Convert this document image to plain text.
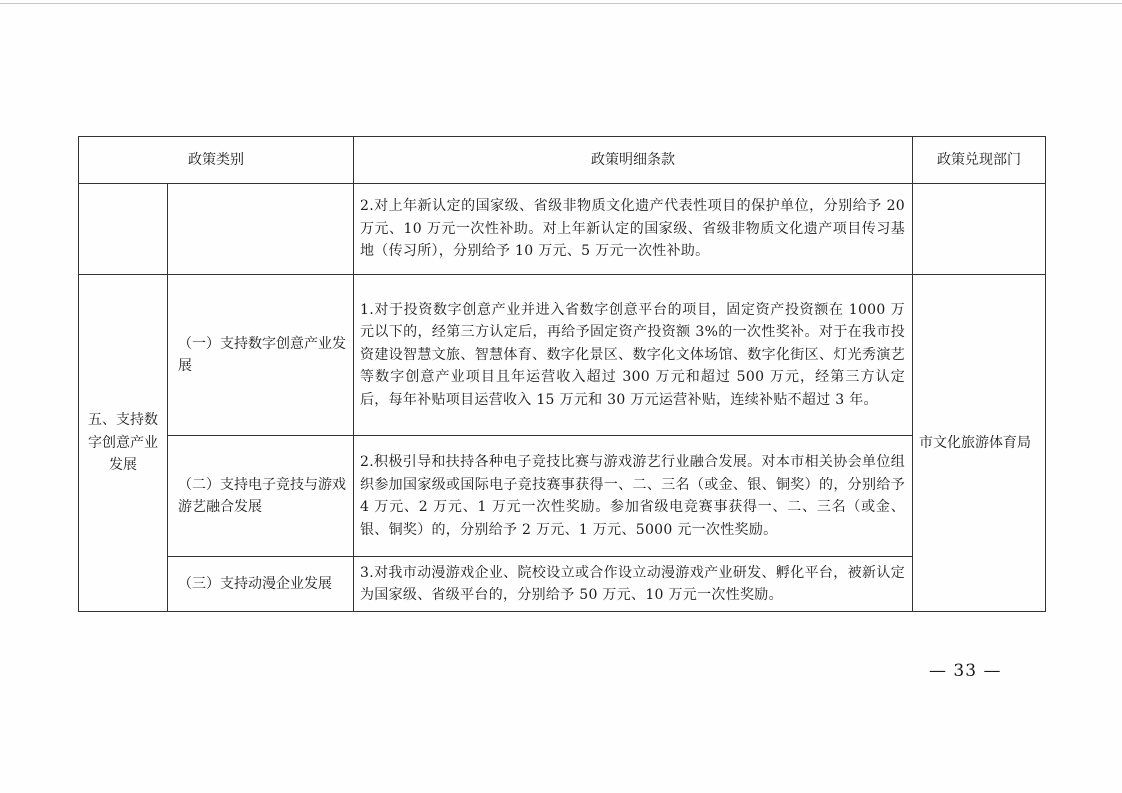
政策类别		政策明细条款	政策兑现部门
		2.对上年新认定的国家级、省级非物质文化遗产代表性项目的保护单位，分别给予 20 万元、10 万元一次性补助。对上年新认定的国家级、省级非物质文化遗产项目传习基地（传习所），分别给予 10 万元、5 万元一次性补助。	
五、支持数字创意产业发展	（一）支持数字创意产业发展	1.对于投资数字创意产业并进入省数字创意平台的项目，固定资产投资额在 1000 万元以下的，经第三方认定后，再给予固定资产投资额 3%的一次性奖补。对于在我市投资建设智慧文旅、智慧体育、数字化景区、数字化文体场馆、数字化街区、灯光秀演艺等数字创意产业项目且年运营收入超过 300 万元和超过 500 万元，经第三方认定后，每年补贴项目运营收入 15 万元和 30 万元运营补贴，连续补贴不超过 3 年。	市文化旅游体育局
	（二）支持电子竞技与游戏游艺融合发展	2.积极引导和扶持各种电子竞技比赛与游戏游艺行业融合发展。对本市相关协会单位组织参加国家级或国际电子竞技赛事获得一、二、三名（或金、银、铜奖）的，分别给予 4 万元、2 万元、1 万元一次性奖励。参加省级电竞赛事获得一、二、三名（或金、银、铜奖）的，分别给予 2 万元、1 万元、5000 元一次性奖励。	
	（三）支持动漫企业发展	3.对我市动漫游戏企业、院校设立或合作设立动漫游戏产业研发、孵化平台，被新认定为国家级、省级平台的，分别给予 50 万元、10 万元一次性奖励。	
— 33 —
